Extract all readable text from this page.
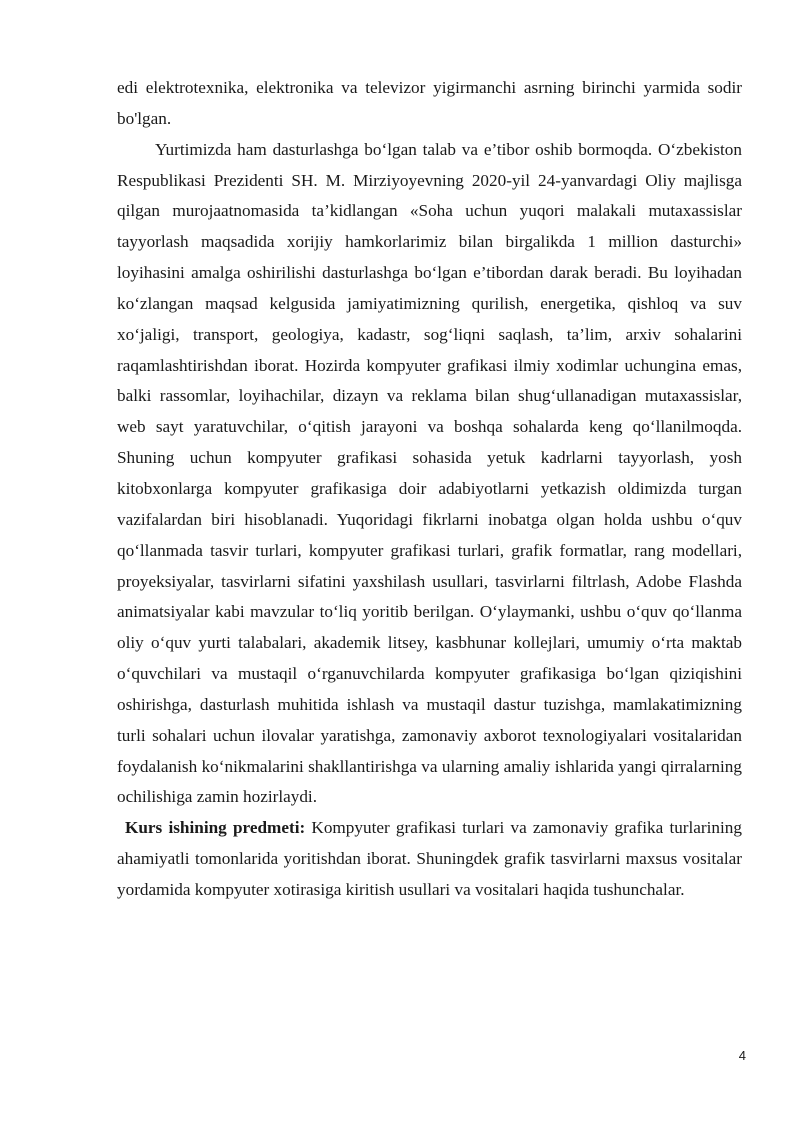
edi elektrotexnika, elektronika va televizor yigirmanchi asrning birinchi yarmida sodir bo'lgan.

Yurtimizda ham dasturlashga bo‘lgan talab va e’tibor oshib bormoqda. O‘zbekiston Respublikasi Prezidenti SH. M. Mirziyoyevning 2020-yil 24-yanvardagi Oliy majlisga qilgan murojaatnomasida ta’kidlangan «Soha uchun yuqori malakali mutaxassislar tayyorlash maqsadida xorijiy hamkorlarimiz bilan birgalikda 1 million dasturchi» loyihasini amalga oshirilishi dasturlashga bo‘lgan e’tibordan darak beradi. Bu loyihadan ko‘zlangan maqsad kelgusida jamiyatimizning qurilish, energetika, qishloq va suv xo‘jaligi, transport, geologiya, kadastr, sog‘liqni saqlash, ta’lim, arxiv sohalarini raqamlashtirishdan iborat. Hozirda kompyuter grafikasi ilmiy xodimlar uchungina emas, balki rassomlar, loyihachilar, dizayn va reklama bilan shug‘ullanadigan mutaxassislar, web sayt yaratuvchilar, o‘qitish jarayoni va boshqa sohalarda keng qo‘llanilmoqda. Shuning uchun kompyuter grafikasi sohasida yetuk kadrlarni tayyorlash, yosh kitobxonlarga kompyuter grafikasiga doir adabiyotlarni yetkazish oldimizda turgan vazifalardan biri hisoblanadi. Yuqoridagi fikrlarni inobatga olgan holda ushbu o‘quv qo‘llanmada tasvir turlari, kompyuter grafikasi turlari, grafik formatlar, rang modellari, proyeksiyalar, tasvirlarni sifatini yaxshilash usullari, tasvirlarni filtrlash, Adobe Flashda animatsiyalar kabi mavzular to‘liq yoritib berilgan. O‘ylaymanki, ushbu o‘quv qo‘llanma oliy o‘quv yurti talabalari, akademik litsey, kasbhunar kollejlari, umumiy o‘rta maktab o‘quvchilari va mustaqil o‘rganuvchilarda kompyuter grafikasiga bo‘lgan qiziqishini oshirishga, dasturlash muhitida ishlash va mustaqil dastur tuzishga, mamlakatimizning turli sohalari uchun ilovalar yaratishga, zamonaviy axborot texnologiyalari vositalaridan foydalanish ko‘nikmalarini shakllantirishga va ularning amaliy ishlarida yangi qirralarning ochilishiga zamin hozirlaydi.

Kurs ishining predmeti: Kompyuter grafikasi turlari va zamonaviy grafika turlarining ahamiyatli tomonlarida yoritishdan iborat. Shuningdek grafik tasvirlarni maxsus vositalar yordamida kompyuter xotirasiga kiritish usullari va vositalari haqida tushunchalar.

4
